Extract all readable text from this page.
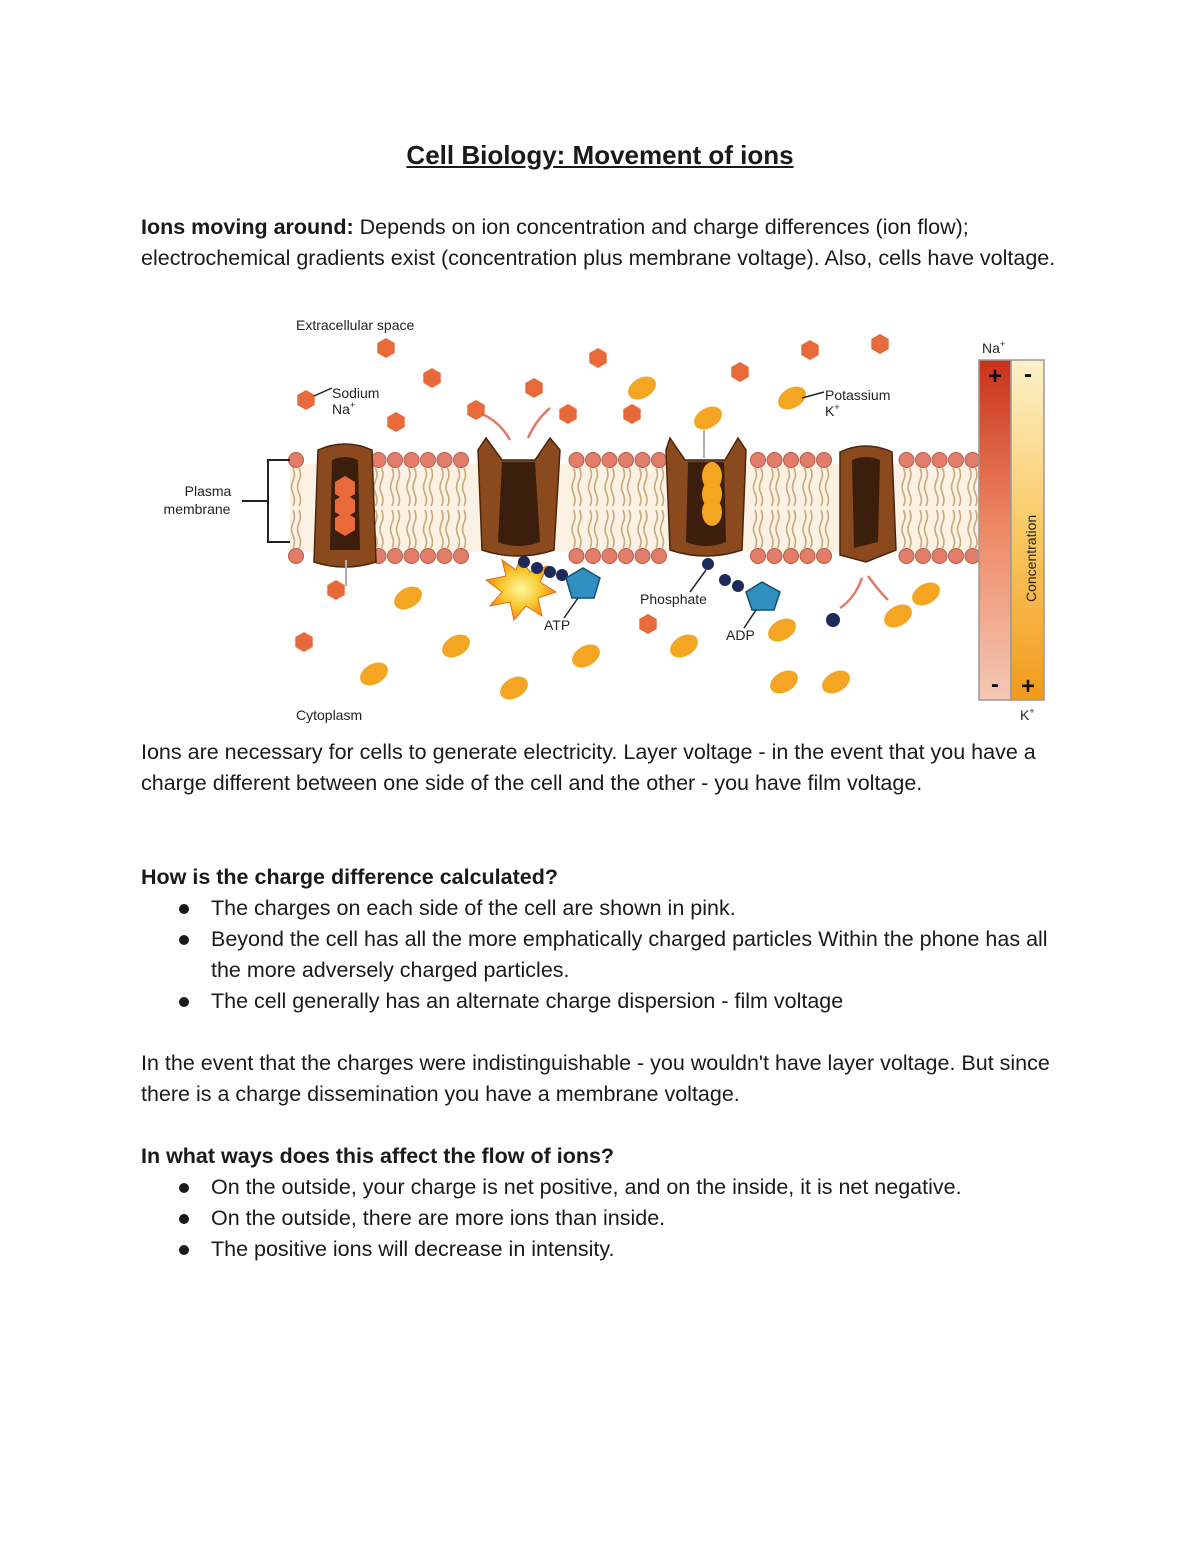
Cell Biology: Movement of ions

Ions moving around: Depends on ion concentration and charge differences (ion flow); electrochemical gradients exist (concentration plus membrane voltage). Also, cells have voltage.

Plasma
membrane
ATP
ADP
Phosphate
Extracellular space
Cytoplasm
Sodium
Na+
Potassium
K+
Na+
+ -
- +
Concentration
K+

Ions are necessary for cells to generate electricity. Layer voltage - in the event that you have a charge different between one side of the cell and the other - you have film voltage.

How is the charge difference calculated?

The charges on each side of the cell are shown in pink.
Beyond the cell has all the more emphatically charged particles Within the phone has all the more adversely charged particles.
The cell generally has an alternate charge dispersion - film voltage

In the event that the charges were indistinguishable - you wouldn't have layer voltage. But since there is a charge dissemination you have a membrane voltage.

In what ways does this affect the flow of ions?

On the outside, your charge is net positive, and on the inside, it is net negative.
On the outside, there are more ions than inside.
The positive ions will decrease in intensity.
